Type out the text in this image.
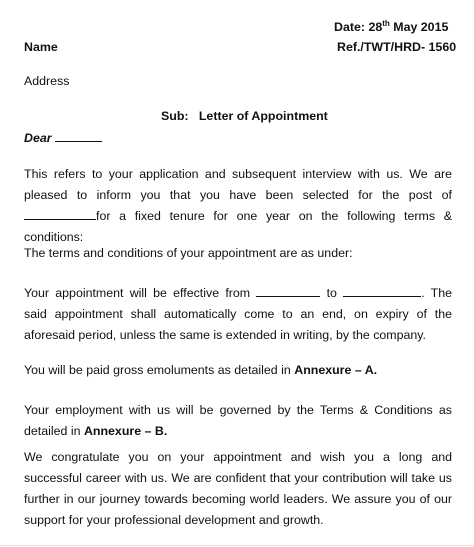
Date: 28th May 2015
Name	Ref./TWT/HRD- 1560
Address
Sub: Letter of Appointment
Dear
This refers to your application and subsequent interview with us. We are pleased to inform you that you have been selected for the post of for a fixed tenure for one year on the following terms & conditions:
The terms and conditions of your appointment are as under:
Your appointment will be effective from	to	. The said appointment shall automatically come to an end, on expiry of the aforesaid period, unless the same is extended in writing, by the company.
You will be paid gross emoluments as detailed in Annexure – A.
Your employment with us will be governed by the Terms & Conditions as detailed in Annexure – B.
We congratulate you on your appointment and wish you a long and successful career with us. We are confident that your contribution will take us further in our journey towards becoming world leaders. We assure you of our support for your professional development and growth.
